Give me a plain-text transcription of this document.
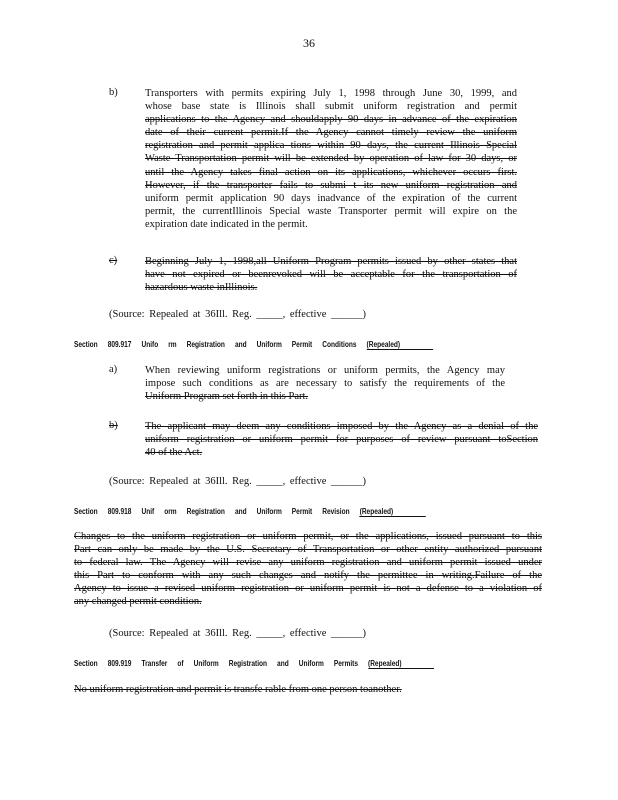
36
b)	Transporters with permits expiring July 1, 1998 through June 30, 1999, and
whose base state is Illinois shall submit uniform registration and permit
applications to the Agency and shouldapply 90 days in advance of the expiration
date of their current permit.If the Agency cannot timely review the uniform
registration and permit applica tions within 90 days, the current Illinois Special
Waste Transportation permit will be extended by operation of law for 30 days, or
until the Agency takes final action on its applications, whichever occurs first.
However, if the transporter fails to submi t its new uniform registration and
uniform permit application 90 days inadvance of the expiration of the current
permit, the currentIllinois Special waste Transporter permit will expire on the
expiration date indicated in the permit.
c)	Beginning July 1, 1998,all Uniform Program permits issued by other states that
have not expired or beenrevoked will be acceptable for the transportation of
hazardous waste inIllinois.
(Source: Repealed at 36Ill. Reg. _____, effective ______)
Section 809.917 Unifo rm Registration and Uniform Permit Conditions (Repealed)
a)	When reviewing uniform registrations or uniform permits, the Agency may
impose such conditions as are necessary to satisfy the requirements of the
Uniform Program set forth in this Part.
b)	The applicant may deem any conditions imposed by the Agency as a denial of the
uniform registration or uniform permit for purposes of review pursuant toSection
40 of the Act.
(Source: Repealed at 36Ill. Reg. _____, effective ______)
Section 809.918 Unif orm Registration and Uniform Permit Revision (Repealed)
Changes to the uniform registration or uniform permit, or the applications, issued pursuant to this
Part can only be made by the U.S. Secretary of Transportation or other entity authorized pursuant
to federal law. The Agency will revise any uniform registration and uniform permit issued under
this Part to conform with any such changes and notify the permittee in writing.Failure of the
Agency to issue a revised uniform registration or uniform permit is not a defense to a violation of
any changed permit condition.
(Source: Repealed at 36Ill. Reg. _____, effective ______)
Section 809.919 Transfer of Uniform Registration and Uniform Permits (Repealed)
No uniform registration and permit is transfe rable from one person toanother.
